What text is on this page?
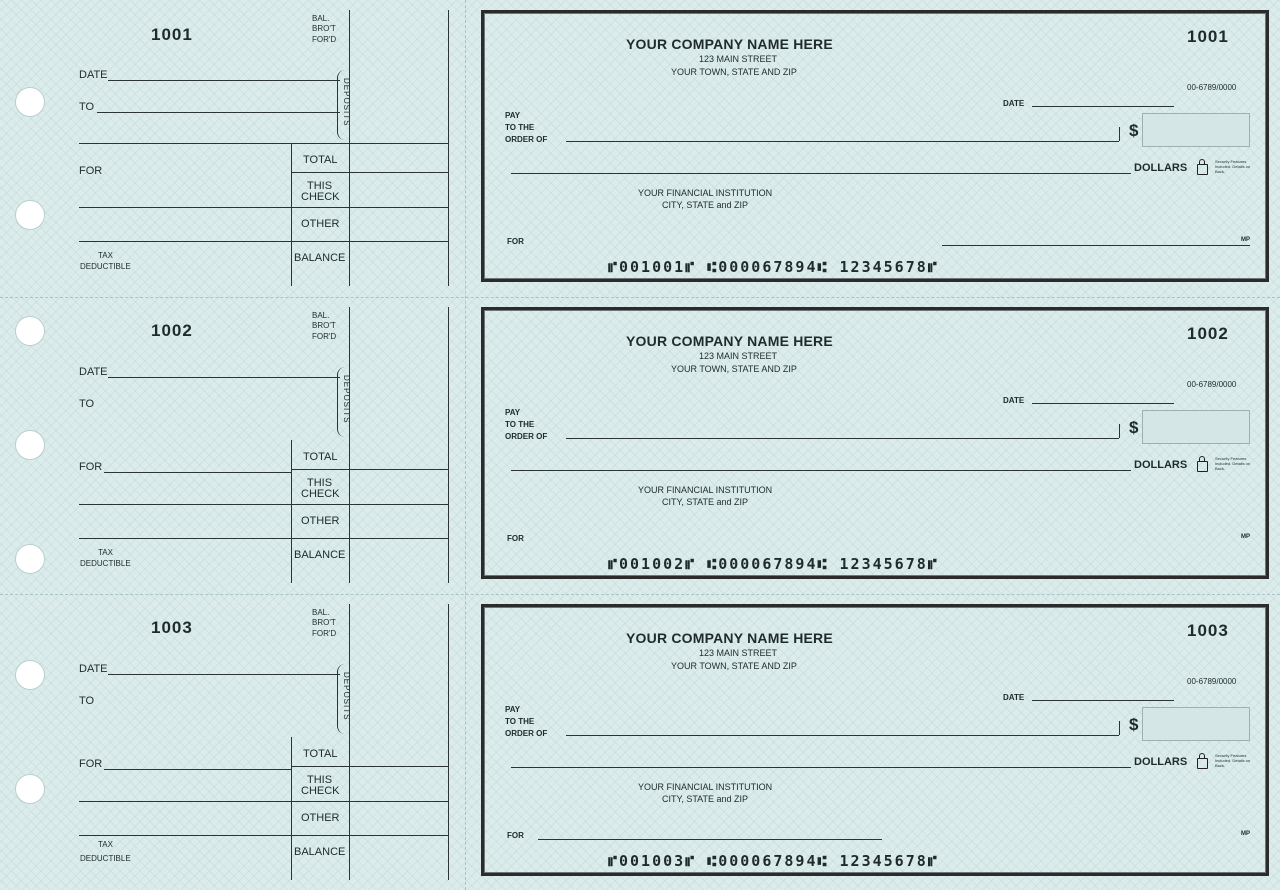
1001
BAL.
BRO'T
FOR'D
DATE
TO	DEPOSITS
FOR
TOTAL
THIS
CHECK
OTHER
BALANCE
TAX
DEDUCTIBLE
YOUR COMPANY NAME HERE
123 MAIN STREET
YOUR TOWN, STATE AND ZIP
1001
00-6789/0000
DATE
PAY
TO THE
ORDER OF	$
DOLLARS
Security Features Included. Details on Back.
YOUR FINANCIAL INSTITUTION
CITY, STATE and ZIP
FOR	MP
⑈001001⑈ ⑆000067894⑆ 12345678⑈
1002
BAL.
BRO'T
FOR'D
DATE
TO	DEPOSITS
FOR
TOTAL
THIS
CHECK
OTHER
BALANCE
TAX
DEDUCTIBLE
YOUR COMPANY NAME HERE
123 MAIN STREET
YOUR TOWN, STATE AND ZIP
1002
00-6789/0000
DATE
PAY
TO THE
ORDER OF	$
DOLLARS
Security Features Included. Details on Back.
YOUR FINANCIAL INSTITUTION
CITY, STATE and ZIP
FOR	MP
⑈001002⑈ ⑆000067894⑆ 12345678⑈
1003
BAL.
BRO'T
FOR'D
DATE
TO	DEPOSITS
FOR
TOTAL
THIS
CHECK
OTHER
BALANCE
TAX
DEDUCTIBLE
YOUR COMPANY NAME HERE
123 MAIN STREET
YOUR TOWN, STATE AND ZIP
1003
00-6789/0000
DATE
PAY
TO THE
ORDER OF	$
DOLLARS
Security Features Included. Details on Back.
YOUR FINANCIAL INSTITUTION
CITY, STATE and ZIP
FOR	MP
⑈001003⑈ ⑆000067894⑆ 12345678⑈
